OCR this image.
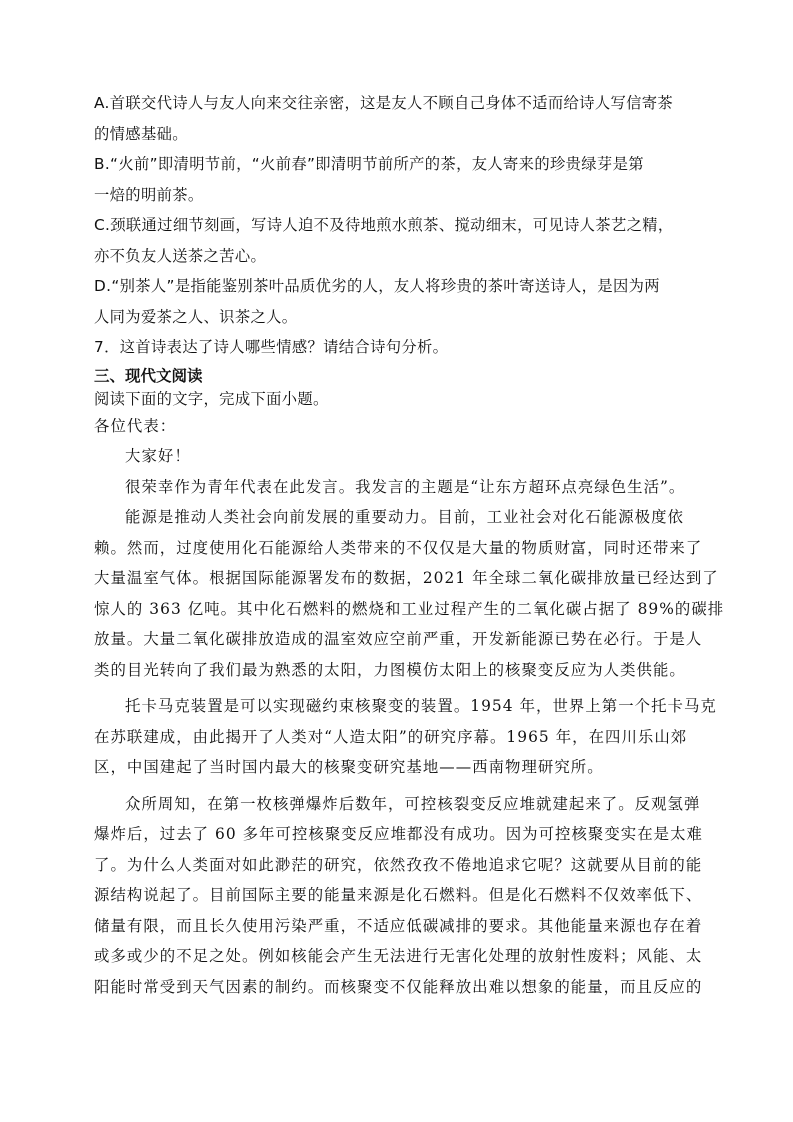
A.首联交代诗人与友人向来交往亲密，这是友人不顾自己身体不适而给诗人写信寄茶
的情感基础。
B.“火前”即清明节前，“火前春”即清明节前所产的茶，友人寄来的珍贵绿芽是第
一焙的明前茶。
C.颈联通过细节刻画，写诗人迫不及待地煎水煎茶、搅动细末，可见诗人茶艺之精，
亦不负友人送茶之苦心。
D.“别茶人”是指能鉴别茶叶品质优劣的人，友人将珍贵的茶叶寄送诗人，是因为两
人同为爱茶之人、识茶之人。
7．这首诗表达了诗人哪些情感？请结合诗句分析。
三、现代文阅读
阅读下面的文字，完成下面小题。
各位代表：
大家好！
很荣幸作为青年代表在此发言。我发言的主题是“让东方超环点亮绿色生活”。
能源是推动人类社会向前发展的重要动力。目前，工业社会对化石能源极度依
赖。然而，过度使用化石能源给人类带来的不仅仅是大量的物质财富，同时还带来了
大量温室气体。根据国际能源署发布的数据，2021 年全球二氧化碳排放量已经达到了
惊人的 363 亿吨。其中化石燃料的燃烧和工业过程产生的二氧化碳占据了 89%的碳排
放量。大量二氧化碳排放造成的温室效应空前严重，开发新能源已势在必行。于是人
类的目光转向了我们最为熟悉的太阳，力图模仿太阳上的核聚变反应为人类供能。
托卡马克装置是可以实现磁约束核聚变的装置。1954 年，世界上第一个托卡马克
在苏联建成，由此揭开了人类对“人造太阳”的研究序幕。1965 年，在四川乐山郊
区，中国建起了当时国内最大的核聚变研究基地——西南物理研究所。
众所周知，在第一枚核弹爆炸后数年，可控核裂变反应堆就建起来了。反观氢弹
爆炸后，过去了 60 多年可控核聚变反应堆都没有成功。因为可控核聚变实在是太难
了。为什么人类面对如此渺茫的研究，依然孜孜不倦地追求它呢？这就要从目前的能
源结构说起了。目前国际主要的能量来源是化石燃料。但是化石燃料不仅效率低下、
储量有限，而且长久使用污染严重，不适应低碳减排的要求。其他能量来源也存在着
或多或少的不足之处。例如核能会产生无法进行无害化处理的放射性废料；风能、太
阳能时常受到天气因素的制约。而核聚变不仅能释放出难以想象的能量，而且反应的
